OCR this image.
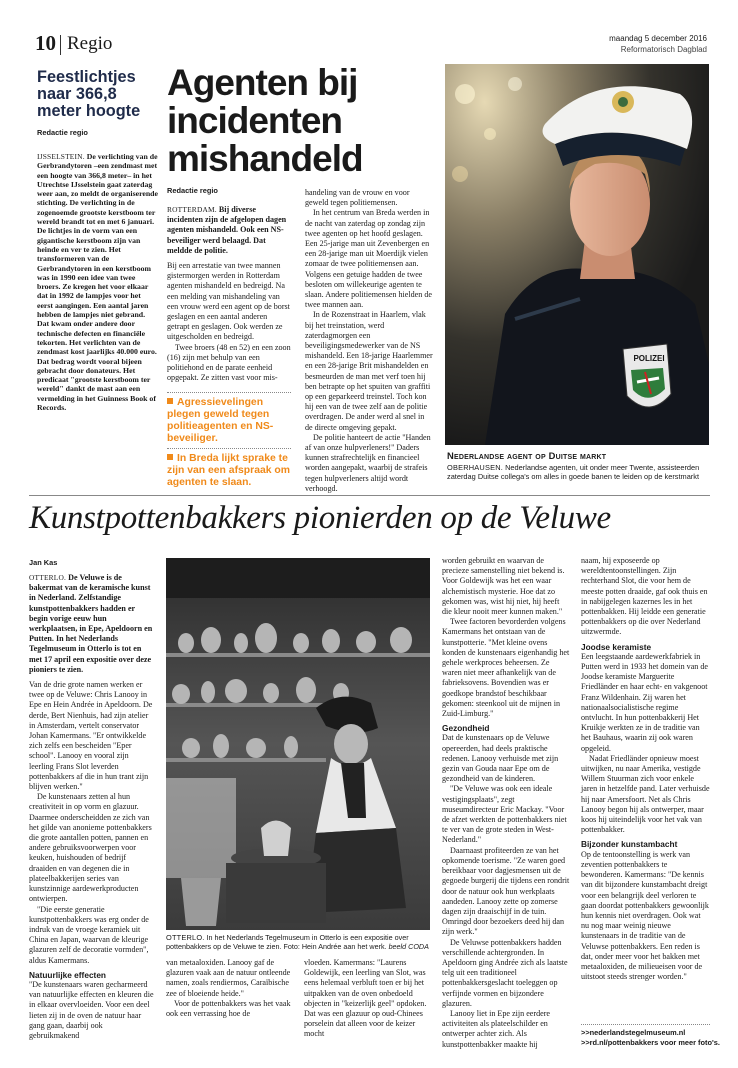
10 Regio	maandag 5 december 2016
Reformatorisch Dagblad
Feestlichtjes naar 366,8 meter hoogte
Redactie regio
IJSSELSTEIN. De verlichting van de Gerbrandytoren –een zendmast met een hoogte van 366,8 meter– in het Utrechtse IJsselstein gaat zaterdag weer aan, zo meldt de organiserende stichting. De verlichting in de zogenoemde grootste kerstboom ter wereld brandt tot en met 6 januari. De lichtjes in de vorm van een gigantische kerstboom zijn van heinde en ver te zien. Het transformeren van de Gerbrandytoren in een kerstboom was in 1990 een idee van twee broers. Ze kregen het voor elkaar dat in 1992 de lampjes voor het eerst aangingen. Een aantal jaren hebben de lampjes niet gebrand. Dat kwam onder andere door technische defecten en financiële tekorten. Het verlichten van de zendmast kost jaarlijks 40.000 euro. Dat bedrag wordt vooral bijeen gebracht door donateurs. Het predicaat "grootste kerstboom ter wereld" dankt de mast aan een vermelding in het Guinness Book of Records.
Agenten bij
incidenten
mishandeld
Redactie regio

ROTTERDAM. Bij diverse incidenten zijn de afgelopen dagen agenten mishandeld. Ook een NS-beveiliger werd belaagd. Dat meldde de politie.

Bij een arrestatie van twee mannen gistermorgen werden in Rotterdam agenten mishandeld en bedreigd. Na een melding van mishandeling van een vrouw werd een agent op de borst geslagen en een aantal anderen getrapt en geslagen. Ook werden ze uitgescholden en bedreigd.

Twee broers (48 en 52) en een zoon (16) zijn met behulp van een politiehond en de parate eenheid opgepakt. Ze zitten vast voor mis-

Agressievelingen plegen geweld tegen politieagenten en NS-beveiliger.
In Breda lijkt sprake te zijn van een afspraak om agenten te slaan.

handeling van de vrouw en voor geweld tegen politiemensen.

In het centrum van Breda werden in de nacht van zaterdag op zondag zijn twee agenten op het hoofd geslagen. Een 25-jarige man uit Zevenbergen en een 28-jarige man uit Moerdijk vielen zomaar de twee politiemensen aan. Volgens een getuige hadden de twee besloten om willekeurige agenten te slaan. Andere politiemensen hielden de twee mannen aan.

In de Rozenstraat in Haarlem, vlak bij het treinstation, werd zaterdagmorgen een beveiligingsmedewerker van de NS mishandeld. Een 18-jarige Haarlemmer en een 28-jarige Brit mishandelden en besmeurden de man met verf toen hij ben betrapte op het spuiten van graffiti op een geparkeerd treinstel. Toch kon hij een van de twee zelf aan de politie overdragen. De ander werd al snel in de directe omgeving gepakt.

De politie hanteert de actie "Handen af van onze hulpverleners!" Daders kunnen strafrechtelijk en financieel worden aangepakt, waarbij de strafeis tegen hulpverleners altijd wordt verhoogd.

POLIZEI
Nederlandse agent op Duitse markt
OBERHAUSEN. Nederlandse agenten, uit onder meer Twente, assisteerden zaterdag Duitse collega's om alles in goede banen te leiden op de kerstmarkt
Kunstpottenbakkers pionierden op de Veluwe
Jan Kas

OTTERLO. De Veluwe is de bakermat van de keramische kunst in Nederland. Zelfstandige kunstpottenbakkers hadden er begin vorige eeuw hun werkplaatsen, in Epe, Apeldoorn en Putten. In het Nederlands Tegelmuseum in Otterlo is tot en met 17 april een expositie over deze pioniers te zien.

Van de drie grote namen werken er twee op de Veluwe: Chris Lanooy in Epe en Hein Andrée in Apeldoorn. De derde, Bert Nienhuis, had zijn atelier in Amsterdam, vertelt conservator Johan Kamermans. "Er ontwikkelde zich zelfs een bescheiden "Eper school". Lanooy en vooral zijn leerling Frans Slot leverden pottenbakkers af die in hun trant zijn blijven werken."

De kunstenaars zetten al hun creativiteit in op vorm en glazuur. Daarmee onderscheidden ze zich van het gilde van anonieme pottenbakkers die grote aantallen potten, pannen en andere gebruiksvoorwerpen voor keuken, huishouden of bedrijf draaiden en van degenen die in plateelbakkerijen series van kunstzinnige aardewerkproducten ontwierpen.

"Die eerste generatie kunstpottenbakkers was erg onder de indruk van de vroege keramiek uit China en Japan, waarvan de kleurige glazuren zelf de decoratie vormden", aldus Kamermans.

Natuurlijke effecten

"De kunstenaars waren gecharmeerd van natuurlijke effecten en kleuren die in elkaar overvloeiden. Voor een deel lieten zij in de oven de natuur haar gang gaan, daarbij ook gebruikmakend

OTTERLO. In het Nederlands Tegelmuseum in Otterlo is een expositie over pottenbakkers op de Veluwe te zien. Foto: Hein Andrée aan het werk. beeld CODA

van metaaloxiden. Lanooy gaf de glazuren vaak aan de natuur ontleende namen, zoals rendiermos, Caraïbische zee of bloeiende heide."

Voor de pottenbakkers was het vaak ook een verrassing hoe de

vloeden. Kamermans: "Laurens Goldewijk, een leerling van Slot, was eens helemaal verbluft toen er bij het uitpakken van de oven onbedoeld objecten in "keizerlijk geel" opdoken. Dat was een glazuur op oud-Chinees porselein dat alleen voor de keizer mocht

worden gebruikt en waarvan de precieze samenstelling niet bekend is. Voor Goldewijk was het een waar alchemistisch mysterie. Hoe dat zo gekomen was, wist hij niet, hij heeft die kleur nooit meer kunnen maken."

Twee factoren bevorderden volgens Kamermans het ontstaan van de kunstpotterie. "Met kleine ovens konden de kunstenaars eigenhandig het gehele werkproces beheersen. Ze waren niet meer afhankelijk van de fabrieksovens. Bovendien was er goedkope brandstof beschikbaar gekomen: steenkool uit de mijnen in Zuid-Limburg."

Gezondheid

Dat de kunstenaars op de Veluwe opereerden, had deels praktische redenen. Lanooy verhuisde met zijn gezin van Gouda naar Epe om de gezondheid van de kinderen.

"De Veluwe was ook een ideale vestigingsplaats", zegt museumdirecteur Eric Mackay. "Voor de afzet werkten de pottenbakkers niet te ver van de grote steden in West-Nederland."

Daarnaast profiteerden ze van het opkomende toerisme. "Ze waren goed bereikbaar voor dagjesmensen uit de gegoede burgerij die tijdens een rondrit door de natuur ook hun werkplaats aandeden. Lanooy zette op zomerse dagen zijn draaischijf in de tuin. Omringd door bezoekers deed hij dan zijn werk."

De Veluwse pottenbakkers hadden verschillende achtergronden. In Apeldoorn ging Andrée zich als laatste telg uit een traditioneel pottenbakkersgeslacht toeleggen op verfijnde vormen en bijzondere glazuren.

Lanooy liet in Epe zijn eerdere activiteiten als plateelschilder en ontwerper achter zich. Als kunstpottenbakker maakte hij

naam, hij exposeerde op wereldtentoonstellingen. Zijn rechterhand Slot, die voor hem de meeste potten draaide, gaf ook thuis en in nabijgelegen kazernes les in het pottenbakken. Hij leidde een generatie pottenbakkers op die over Nederland uitzwermde.

Joodse keramiste

Een leegstaande aardewerkfabriek in Putten werd in 1933 het domein van de Joodse keramiste Marguerite Friedländer en haar echt- en vakgenoot Franz Wildenhain. Zij waren het nationaalsocialistische regime ontvlucht. In hun pottenbakkerij Het Kruikje werkten ze in de traditie van het Bauhaus, waarin zij ook waren opgeleid.

Nadat Friedländer opnieuw moest uitwijken, nu naar Amerika, vestigde Willem Stuurman zich voor enkele jaren in hetzelfde pand. Later verhuisde hij naar Amersfoort. Net als Chris Lanooy begon hij als ontwerper, maar koos hij uiteindelijk voor het vak van pottenbakker.

Bijzonder kunstambacht

Op de tentoonstelling is werk van zeventien pottenbakkers te bewonderen. Kamermans: "De kennis van dit bijzondere kunstambacht dreigt voor een belangrijk deel verloren te gaan doordat pottenbakkers gewoonlijk hun kennis niet overdragen. Ook wat nu nog maar weinig nieuwe kunstenaars in de traditie van de Veluwse pottenbakkers. Een reden is dat, onder meer voor het bakken met metaaloxiden, de milieueisen voor de uitstoot steeds strenger worden."

>>nederlandstegelmuseum.nl
>>rd.nl/pottenbakkers voor meer foto's.
